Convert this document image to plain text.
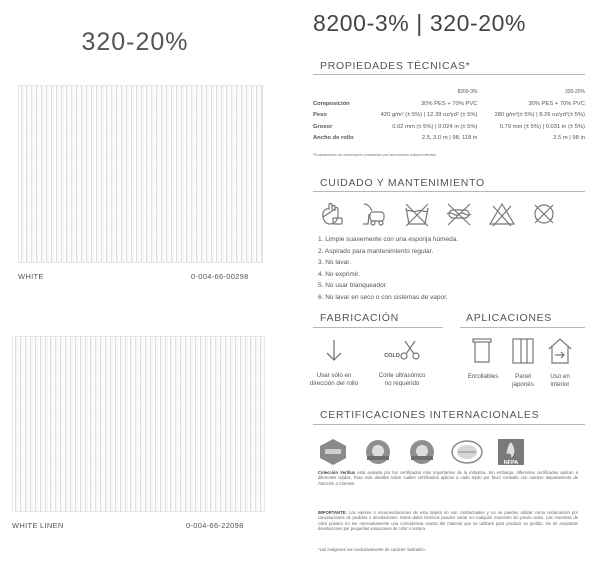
320-20%
WHITE	0-004-66-00298
WHITE LINEN	0-004-66-22098
8200-3% | 320-20%
PROPIEDADES TÉCNICAS*
	8200-3%	320-20%
Composición	30% PES + 70% PVC	30% PES + 70% PVC
Peso	420 g/m² (± 5%) | 12.39 oz/yd² (± 5%)	280 g/m²(± 5%) | 8.26 oz/yd²(± 5%)
Grosor	0.62 mm (± 5%) | 0.024 in (± 5%)	0.79 mm (± 5%) | 0.031 in (± 5%)
Ancho de rollo	2.5, 3.0 m | 98, 118 in	2.5 m | 98 in
*Evaluaciones de desempeño realizadas por laboratorios independientes.
CUIDADO Y MANTENIMIENTO
1. Limpie suavemente con una esponja húmeda.
2. Aspirado para mantenimiento regular.
3. No lavar.
4. No exprimir.
5. No usar blanqueador.
6. No lavar en seco o con sistemas de vapor.
FABRICACIÓN
Usar sólo en
dirección del rollo
COLD
Corte ultrasónico
no requerido
APLICACIONES
Enrollables	Panel
japonés
Uso en
interior
CERTIFICACIONES INTERNACIONALES
NFPA
Colección Vertilux está avalada por los certificados más importantes de la industria. Sin embargo, diferentes certificados aplican a diferentes tejidos. Para más detalles sobre cuáles certificados aplican a cada tejido por favor consulte con nuestro departamento de Atención a Clientes.
IMPORTANTE: Los valores o recomendaciones de esta tarjeta no son contractuales y no se pueden utilizar como reclamación por cancelaciones de pedidos o devoluciones. Estos datos técnicos pueden variar en cualquier momento sin previo aviso. Las muestras de color pueden no ser necesariamente una coincidencia exacta del material que se utilizará para producir su pedido. No se aceptarán devoluciones por pequeñas variaciones de color o textura.
*Las imágenes son exclusivamente de carácter ilustrativo.
